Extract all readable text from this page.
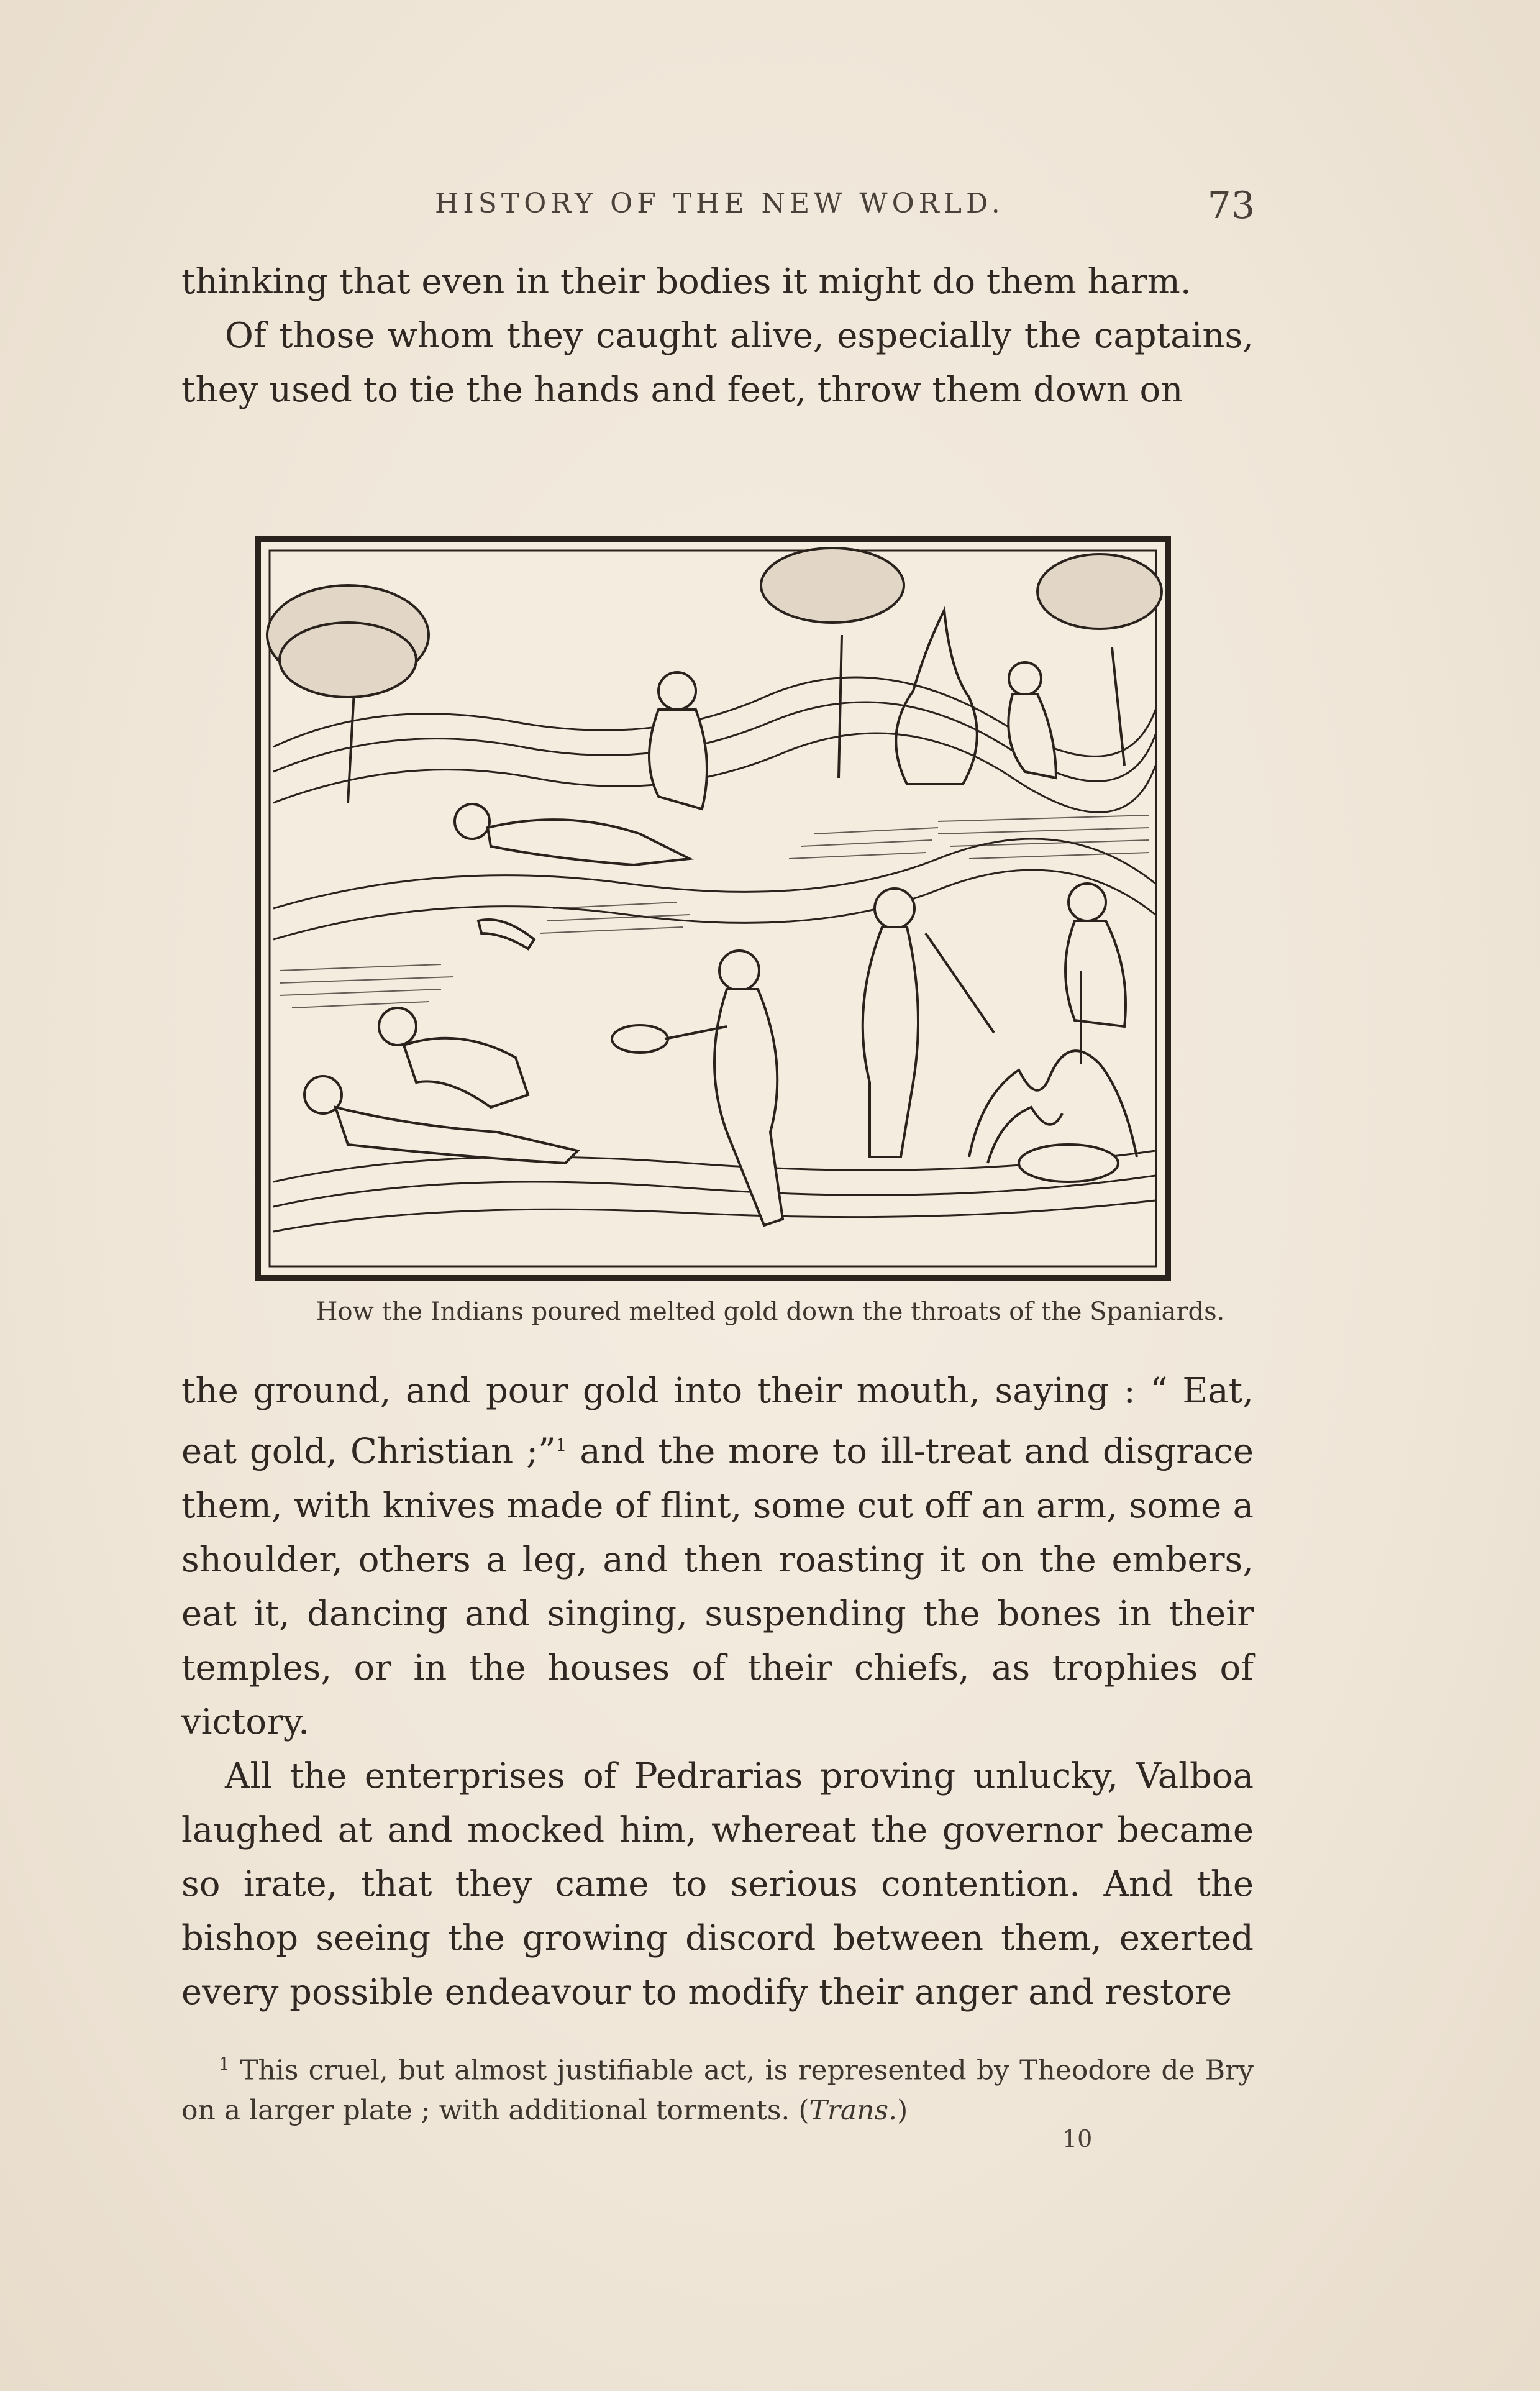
HISTORY OF THE NEW WORLD.	73

thinking that even in their bodies it might do them harm.

Of those whom they caught alive, especially the captains, they used to tie the hands and feet, throw them down on

How the Indians poured melted gold down the throats of the Spaniards.

the ground, and pour gold into their mouth, saying : “ Eat, eat gold, Christian ;”$^1$ and the more to ill-treat and disgrace them, with knives made of flint, some cut off an arm, some a shoulder, others a leg, and then roasting it on the embers, eat it, dancing and singing, suspending the bones in their temples, or in the houses of their chiefs, as trophies of victory.

All the enterprises of Pedrarias proving unlucky, Valboa laughed at and mocked him, whereat the governor became so irate, that they came to serious contention. And the bishop seeing the growing discord between them, exerted every possible endeavour to modify their anger and restore

$^1$ This cruel, but almost justifiable act, is represented by Theodore de Bry on a larger plate ; with additional torments. (Trans.)

10
